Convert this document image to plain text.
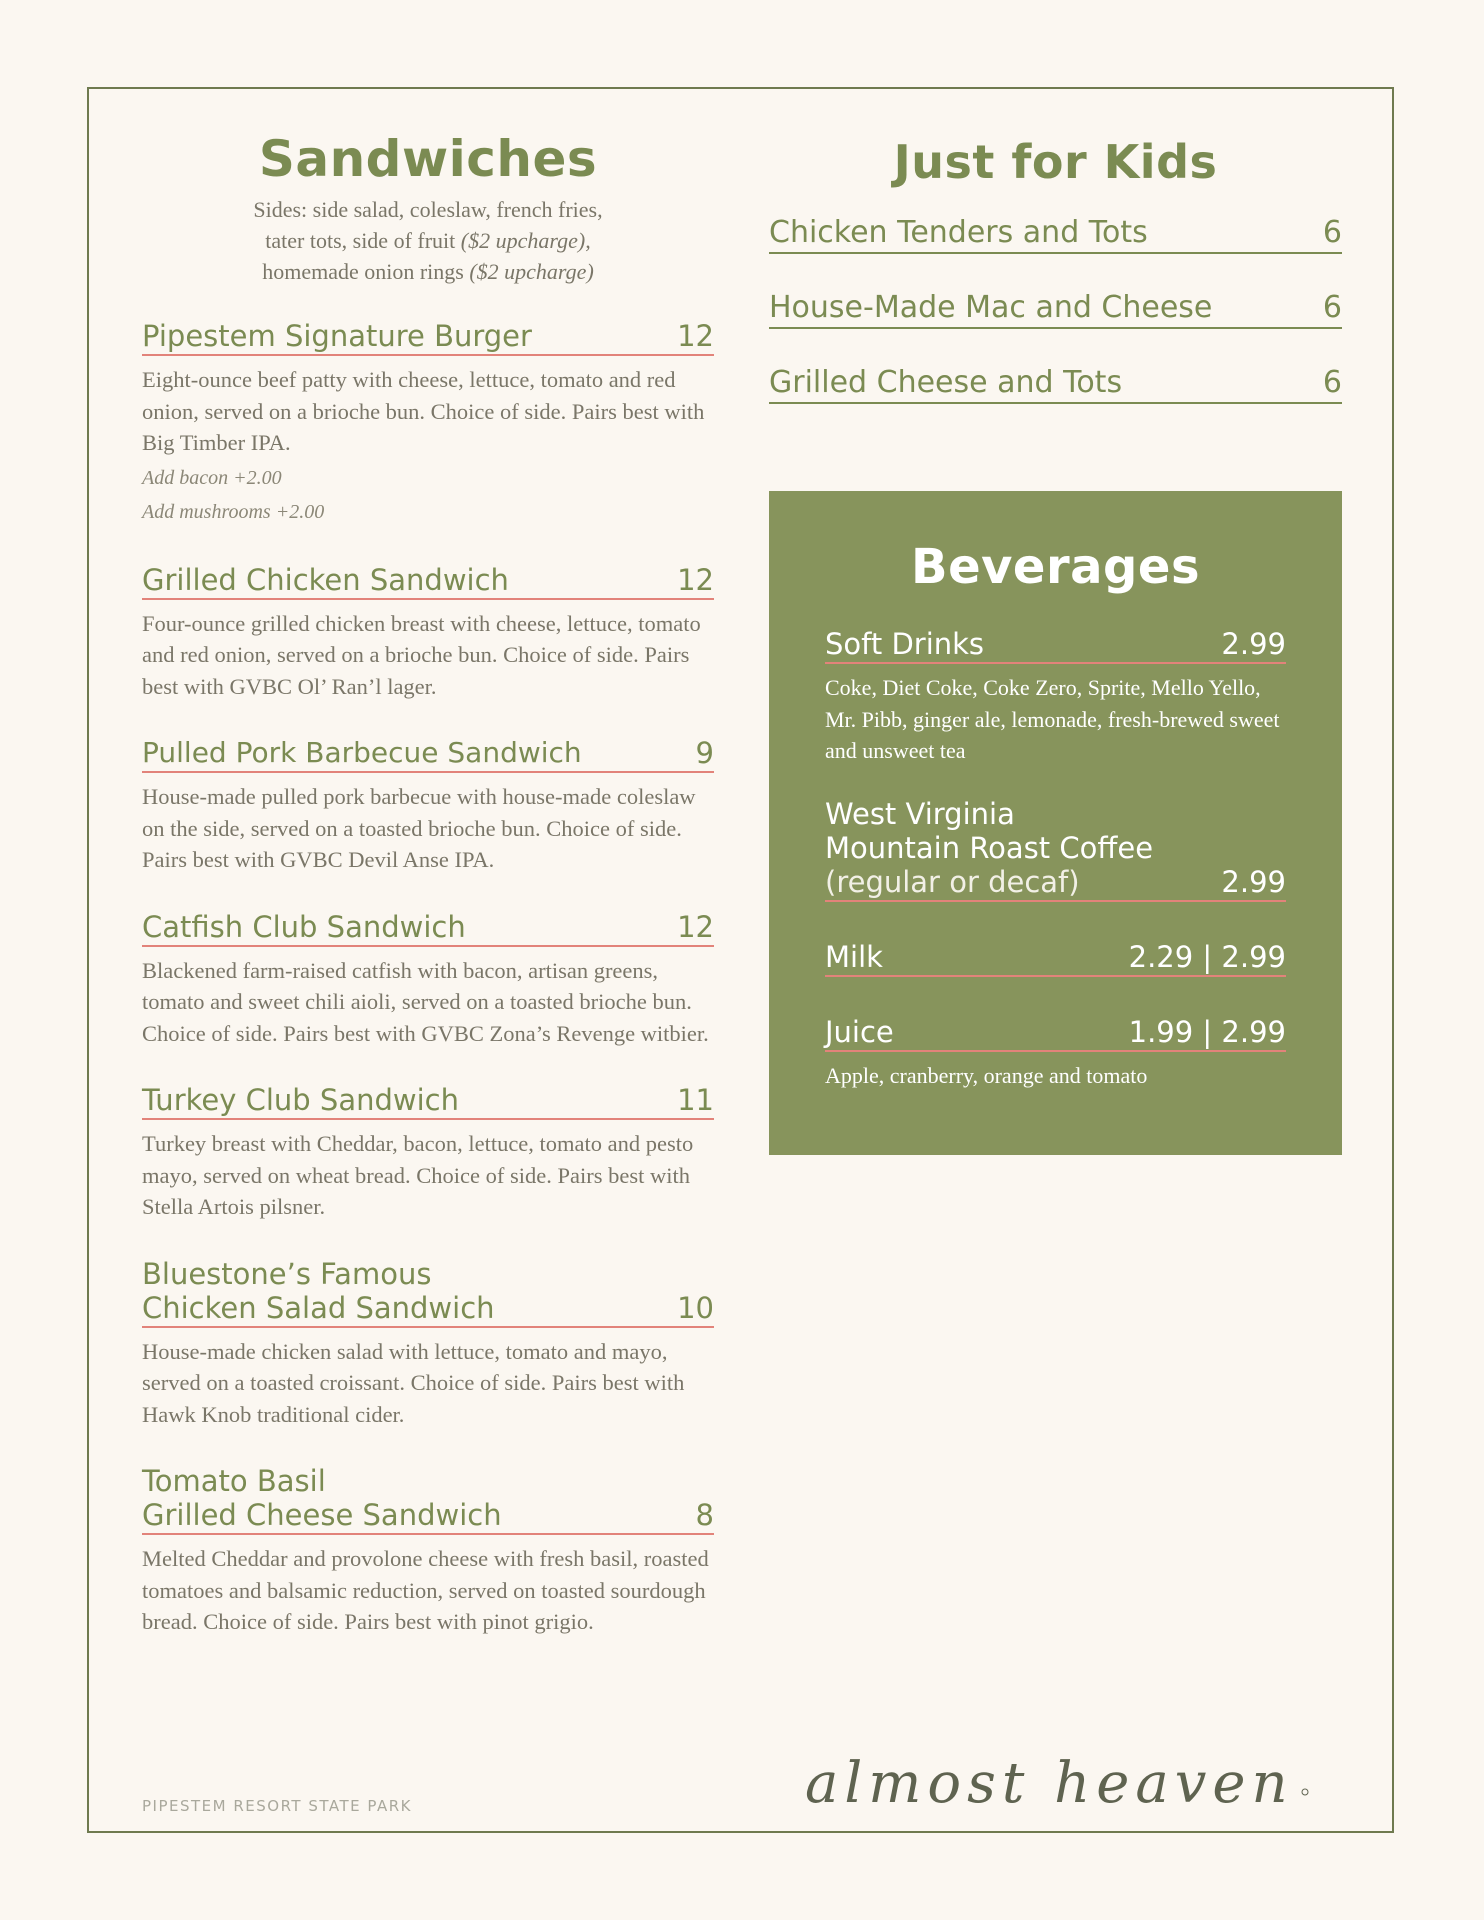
Sandwiches
Sides: side salad, coleslaw, french fries,
tater tots, side of fruit ($2 upcharge),
homemade onion rings ($2 upcharge)
Pipestem Signature Burger	12
Eight-ounce beef patty with cheese, lettuce, tomato and red onion, served on a brioche bun. Choice of side. Pairs best with Big Timber IPA.
Add bacon +2.00
Add mushrooms +2.00
Grilled Chicken Sandwich	12
Four-ounce grilled chicken breast with cheese, lettuce, tomato and red onion, served on a brioche bun. Choice of side. Pairs best with GVBC Ol’ Ran’l lager.
Pulled Pork Barbecue Sandwich	9
House-made pulled pork barbecue with house-made coleslaw on the side, served on a toasted brioche bun. Choice of side. Pairs best with GVBC Devil Anse IPA.
Catfish Club Sandwich	12
Blackened farm-raised catfish with bacon, artisan greens, tomato and sweet chili aioli, served on a toasted brioche bun. Choice of side. Pairs best with GVBC Zona’s Revenge witbier.
Turkey Club Sandwich	11
Turkey breast with Cheddar, bacon, lettuce, tomato and pesto mayo, served on wheat bread. Choice of side. Pairs best with Stella Artois pilsner.
Bluestone’s Famous
Chicken Salad Sandwich	10
House-made chicken salad with lettuce, tomato and mayo, served on a toasted croissant. Choice of side. Pairs best with Hawk Knob traditional cider.
Tomato Basil
Grilled Cheese Sandwich	8
Melted Cheddar and provolone cheese with fresh basil, roasted tomatoes and balsamic reduction, served on toasted sourdough bread. Choice of side. Pairs best with pinot grigio.
Just for Kids
Chicken Tenders and Tots	6
House-Made Mac and Cheese	6
Grilled Cheese and Tots	6
Beverages
Soft Drinks	2.99
Coke, Diet Coke, Coke Zero, Sprite, Mello Yello, Mr. Pibb, ginger ale, lemonade, fresh-brewed sweet and unsweet tea
West Virginia
Mountain Roast Coffee
(regular or decaf)	2.99
Milk	2.29 | 2.99
Juice	1.99 | 2.99
Apple, cranberry, orange and tomato
PIPESTEM RESORT STATE PARK	almost heaven
